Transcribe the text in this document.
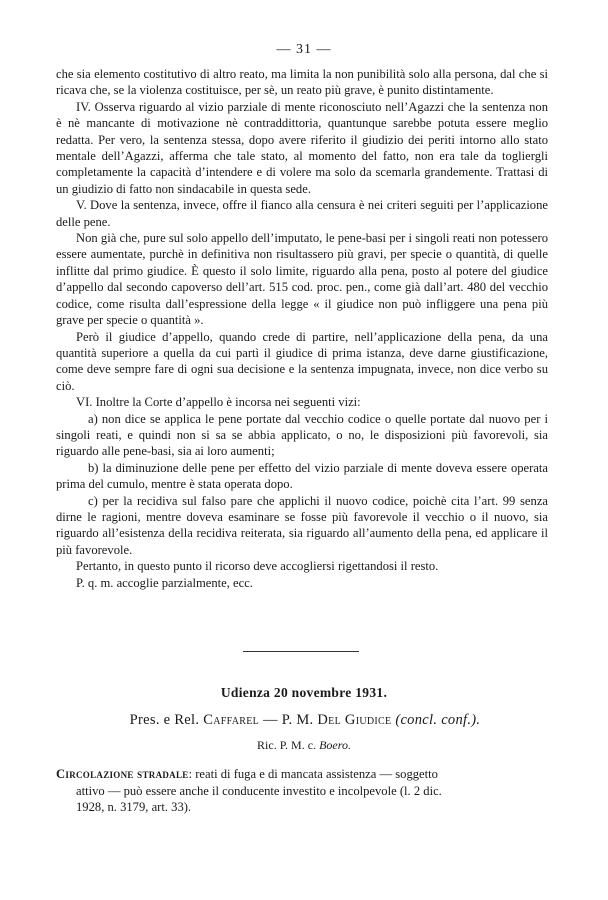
— 31 —

che sia elemento costitutivo di altro reato, ma limita la non punibilità solo alla persona, dal che si ricava che, se la violenza costituisce, per sè, un reato più grave, è punito distintamente.

IV. Osserva riguardo al vizio parziale di mente riconosciuto nell’Agazzi che la sentenza non è nè mancante di motivazione nè contraddittoria, quantunque sarebbe potuta essere meglio redatta. Per vero, la sentenza stessa, dopo avere riferito il giudizio dei periti intorno allo stato mentale dell’Agazzi, afferma che tale stato, al momento del fatto, non era tale da togliergli completamente la capacità d’intendere e di volere ma solo da scemarla grandemente. Trattasi di un giudizio di fatto non sindacabile in questa sede.

V. Dove la sentenza, invece, offre il fianco alla censura è nei criteri seguiti per l’applicazione delle pene.

Non già che, pure sul solo appello dell’imputato, le pene-basi per i singoli reati non potessero essere aumentate, purchè in definitiva non risultassero più gravi, per specie o quantità, di quelle inflitte dal primo giudice. È questo il solo limite, riguardo alla pena, posto al potere del giudice d’appello dal secondo capoverso dell’art. 515 cod. proc. pen., come già dall’art. 480 del vecchio codice, come risulta dall’espressione della legge « il giudice non può infliggere una pena più grave per specie o quantità ».

Però il giudice d’appello, quando crede di partire, nell’applicazione della pena, da una quantità superiore a quella da cui partì il giudice di prima istanza, deve darne giustificazione, come deve sempre fare di ogni sua decisione e la sentenza impugnata, invece, non dice verbo su ciò.

VI. Inoltre la Corte d’appello è incorsa nei seguenti vizi:

a) non dice se applica le pene portate dal vecchio codice o quelle portate dal nuovo per i singoli reati, e quindi non si sa se abbia applicato, o no, le disposizioni più favorevoli, sia riguardo alle pene-basi, sia ai loro aumenti;

b) la diminuzione delle pene per effetto del vizio parziale di mente doveva essere operata prima del cumulo, mentre è stata operata dopo.

c) per la recidiva sul falso pare che applichi il nuovo codice, poichè cita l’art. 99 senza dirne le ragioni, mentre doveva esaminare se fosse più favorevole il vecchio o il nuovo, sia riguardo all’esistenza della recidiva reiterata, sia riguardo all’aumento della pena, ed applicare il più favorevole.

Pertanto, in questo punto il ricorso deve accogliersi rigettandosi il resto.

P. q. m. accoglie parzialmente, ecc.

Udienza 20 novembre 1931.
Pres. e Rel. Caffarel — P. M. Del Giudice (concl. conf.).
Ric. P. M. c. Boero.

Circolazione stradale: reati di fuga e di mancata assistenza — soggetto

attivo — può essere anche il conducente investito e incolpevole (l. 2 dic.

1928, n. 3179, art. 33).
